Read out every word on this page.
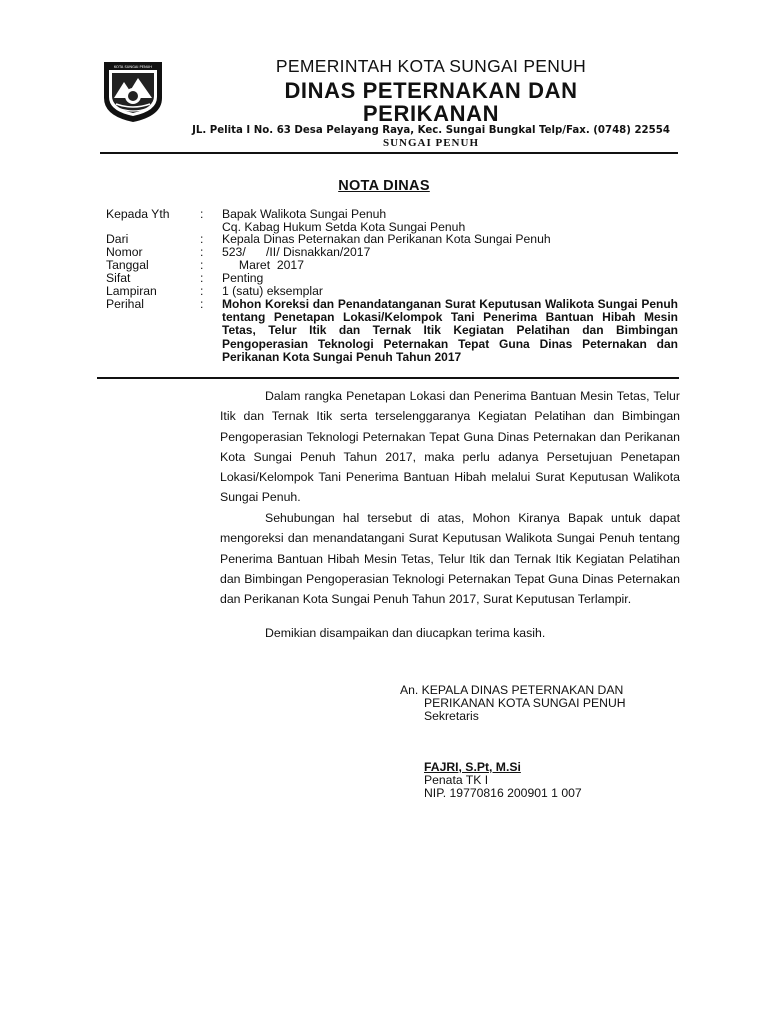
KOTA SUNGAI PENUH	PEMERINTAH KOTA SUNGAI PENUH
DINAS PETERNAKAN DAN
PERIKANAN
JL. Pelita I No. 63 Desa Pelayang Raya, Kec. Sungai Bungkal Telp/Fax. (0748) 22554
SUNGAI PENUH
NOTA DINAS
Kepada Yth	: Bapak Walikota Sungai Penuh
Cq. Kabag Hukum Setda Kota Sungai Penuh
Dari	: Kepala Dinas Peternakan dan Perikanan Kota Sungai Penuh
Nomor	: 523/      /II/ Disnakkan/2017
Tanggal	: Maret  2017
Sifat	: Penting
Lampiran	: 1 (satu) eksemplar
Perihal	: Mohon Koreksi dan Penandatanganan Surat Keputusan Walikota Sungai Penuh tentang Penetapan Lokasi/Kelompok Tani Penerima Bantuan Hibah Mesin Tetas, Telur Itik dan Ternak Itik Kegiatan Pelatihan dan Bimbingan Pengoperasian Teknologi Peternakan Tepat Guna Dinas Peternakan dan Perikanan Kota Sungai Penuh Tahun 2017
Dalam rangka Penetapan Lokasi dan Penerima Bantuan Mesin Tetas, Telur Itik dan Ternak Itik serta terselenggaranya Kegiatan Pelatihan dan Bimbingan Pengoperasian Teknologi Peternakan Tepat Guna Dinas Peternakan dan Perikanan Kota Sungai Penuh Tahun 2017, maka perlu adanya Persetujuan Penetapan Lokasi/Kelompok Tani Penerima Bantuan Hibah melalui Surat Keputusan Walikota Sungai Penuh.
Sehubungan hal tersebut di atas, Mohon Kiranya Bapak untuk dapat mengoreksi dan menandatangani Surat Keputusan Walikota Sungai Penuh tentang Penerima Bantuan Hibah Mesin Tetas, Telur Itik dan Ternak Itik Kegiatan Pelatihan dan Bimbingan Pengoperasian Teknologi Peternakan Tepat Guna Dinas Peternakan dan Perikanan Kota Sungai Penuh Tahun 2017, Surat Keputusan Terlampir.
Demikian disampaikan dan diucapkan terima kasih.
An. KEPALA DINAS PETERNAKAN DAN
PERIKANAN KOTA SUNGAI PENUH
Sekretaris
FAJRI, S.Pt, M.Si
Penata TK I
NIP. 19770816 200901 1 007
